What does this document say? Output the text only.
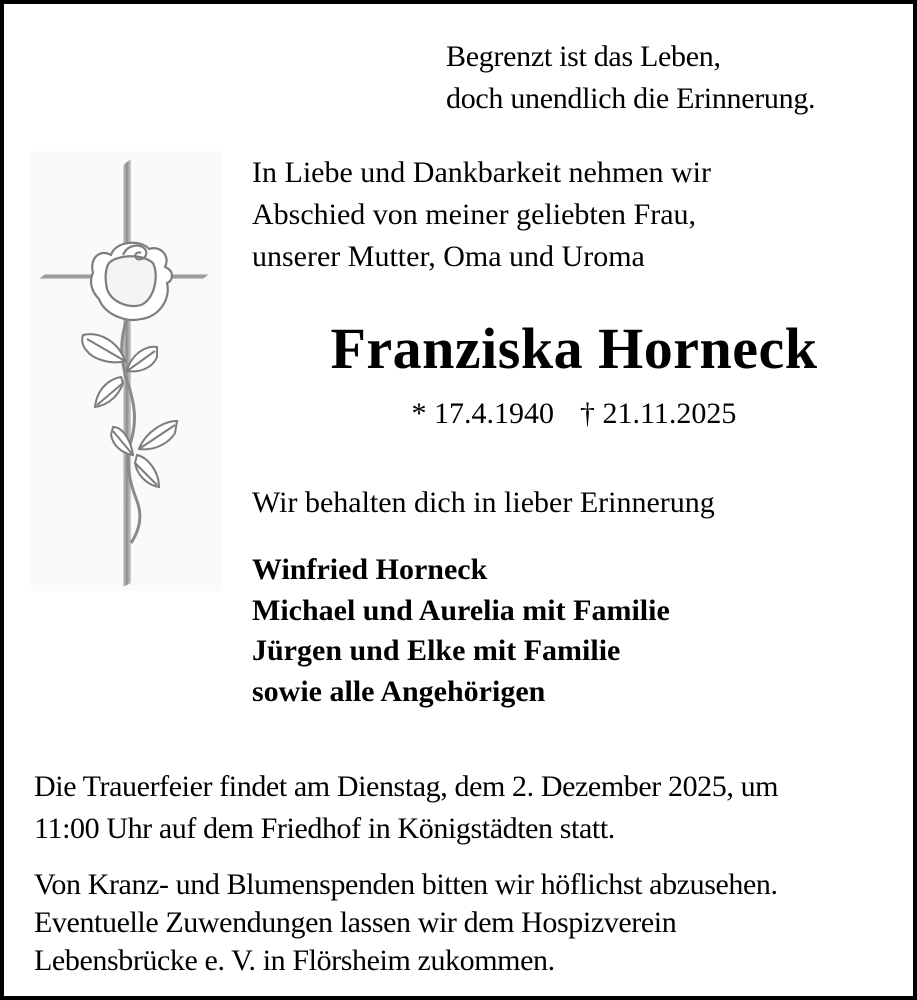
Begrenzt ist das Leben,
doch unendlich die Erinnerung.
In Liebe und Dankbarkeit nehmen wir
Abschied von meiner geliebten Frau,
unserer Mutter, Oma und Uroma
Franziska Horneck
* 17.4.1940 † 21.11.2025
Wir behalten dich in lieber Erinnerung
Winfried Horneck
Michael und Aurelia mit Familie
Jürgen und Elke mit Familie
sowie alle Angehörigen
Die Trauerfeier findet am Dienstag, dem 2. Dezember 2025, um
11:00 Uhr auf dem Friedhof in Königstädten statt.
Von Kranz- und Blumenspenden bitten wir höflichst abzusehen.
Eventuelle Zuwendungen lassen wir dem Hospizverein
Lebensbrücke e. V. in Flörsheim zukommen.
